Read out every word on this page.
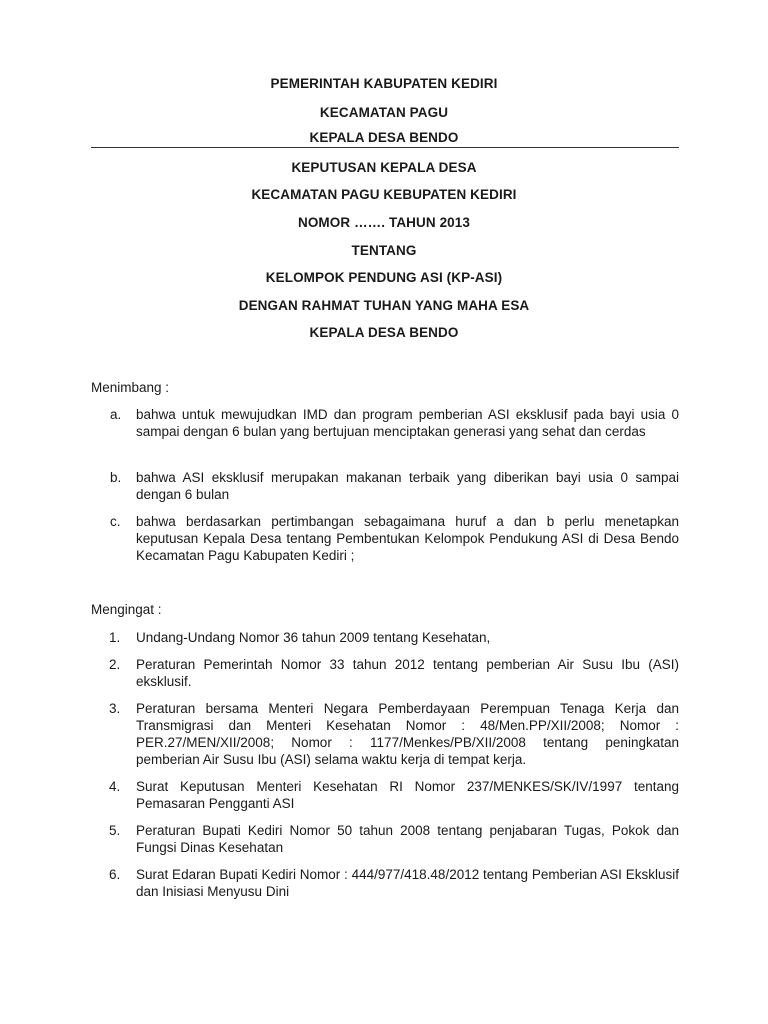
PEMERINTAH KABUPATEN KEDIRI
KECAMATAN PAGU
KEPALA DESA BENDO
KEPUTUSAN KEPALA DESA
KECAMATAN PAGU KEBUPATEN KEDIRI
NOMOR ……. TAHUN 2013
TENTANG
KELOMPOK PENDUNG ASI (KP-ASI)
DENGAN RAHMAT TUHAN YANG MAHA ESA
KEPALA DESA BENDO
Menimbang :
a. bahwa untuk mewujudkan IMD dan program pemberian ASI eksklusif pada bayi usia 0 sampai dengan 6 bulan yang bertujuan menciptakan generasi yang sehat dan cerdas
b. bahwa ASI eksklusif merupakan makanan terbaik yang diberikan bayi usia 0 sampai dengan 6 bulan
c. bahwa berdasarkan pertimbangan sebagaimana huruf a dan b perlu menetapkan keputusan Kepala Desa tentang Pembentukan Kelompok Pendukung ASI di Desa Bendo Kecamatan Pagu Kabupaten Kediri ;
Mengingat :
1. Undang-Undang Nomor 36 tahun 2009 tentang Kesehatan,
2. Peraturan Pemerintah Nomor 33 tahun 2012 tentang pemberian Air Susu Ibu (ASI) eksklusif.
3. Peraturan bersama Menteri Negara Pemberdayaan Perempuan Tenaga Kerja dan Transmigrasi dan Menteri Kesehatan Nomor : 48/Men.PP/XII/2008; Nomor : PER.27/MEN/XII/2008; Nomor : 1177/Menkes/PB/XII/2008 tentang peningkatan pemberian Air Susu Ibu (ASI) selama waktu kerja di tempat kerja.
4. Surat Keputusan Menteri Kesehatan RI Nomor 237/MENKES/SK/IV/1997 tentang Pemasaran Pengganti ASI
5. Peraturan Bupati Kediri Nomor 50 tahun 2008 tentang penjabaran Tugas, Pokok dan Fungsi Dinas Kesehatan
6. Surat Edaran Bupati Kediri Nomor : 444/977/418.48/2012 tentang Pemberian ASI Eksklusif dan Inisiasi Menyusu Dini
